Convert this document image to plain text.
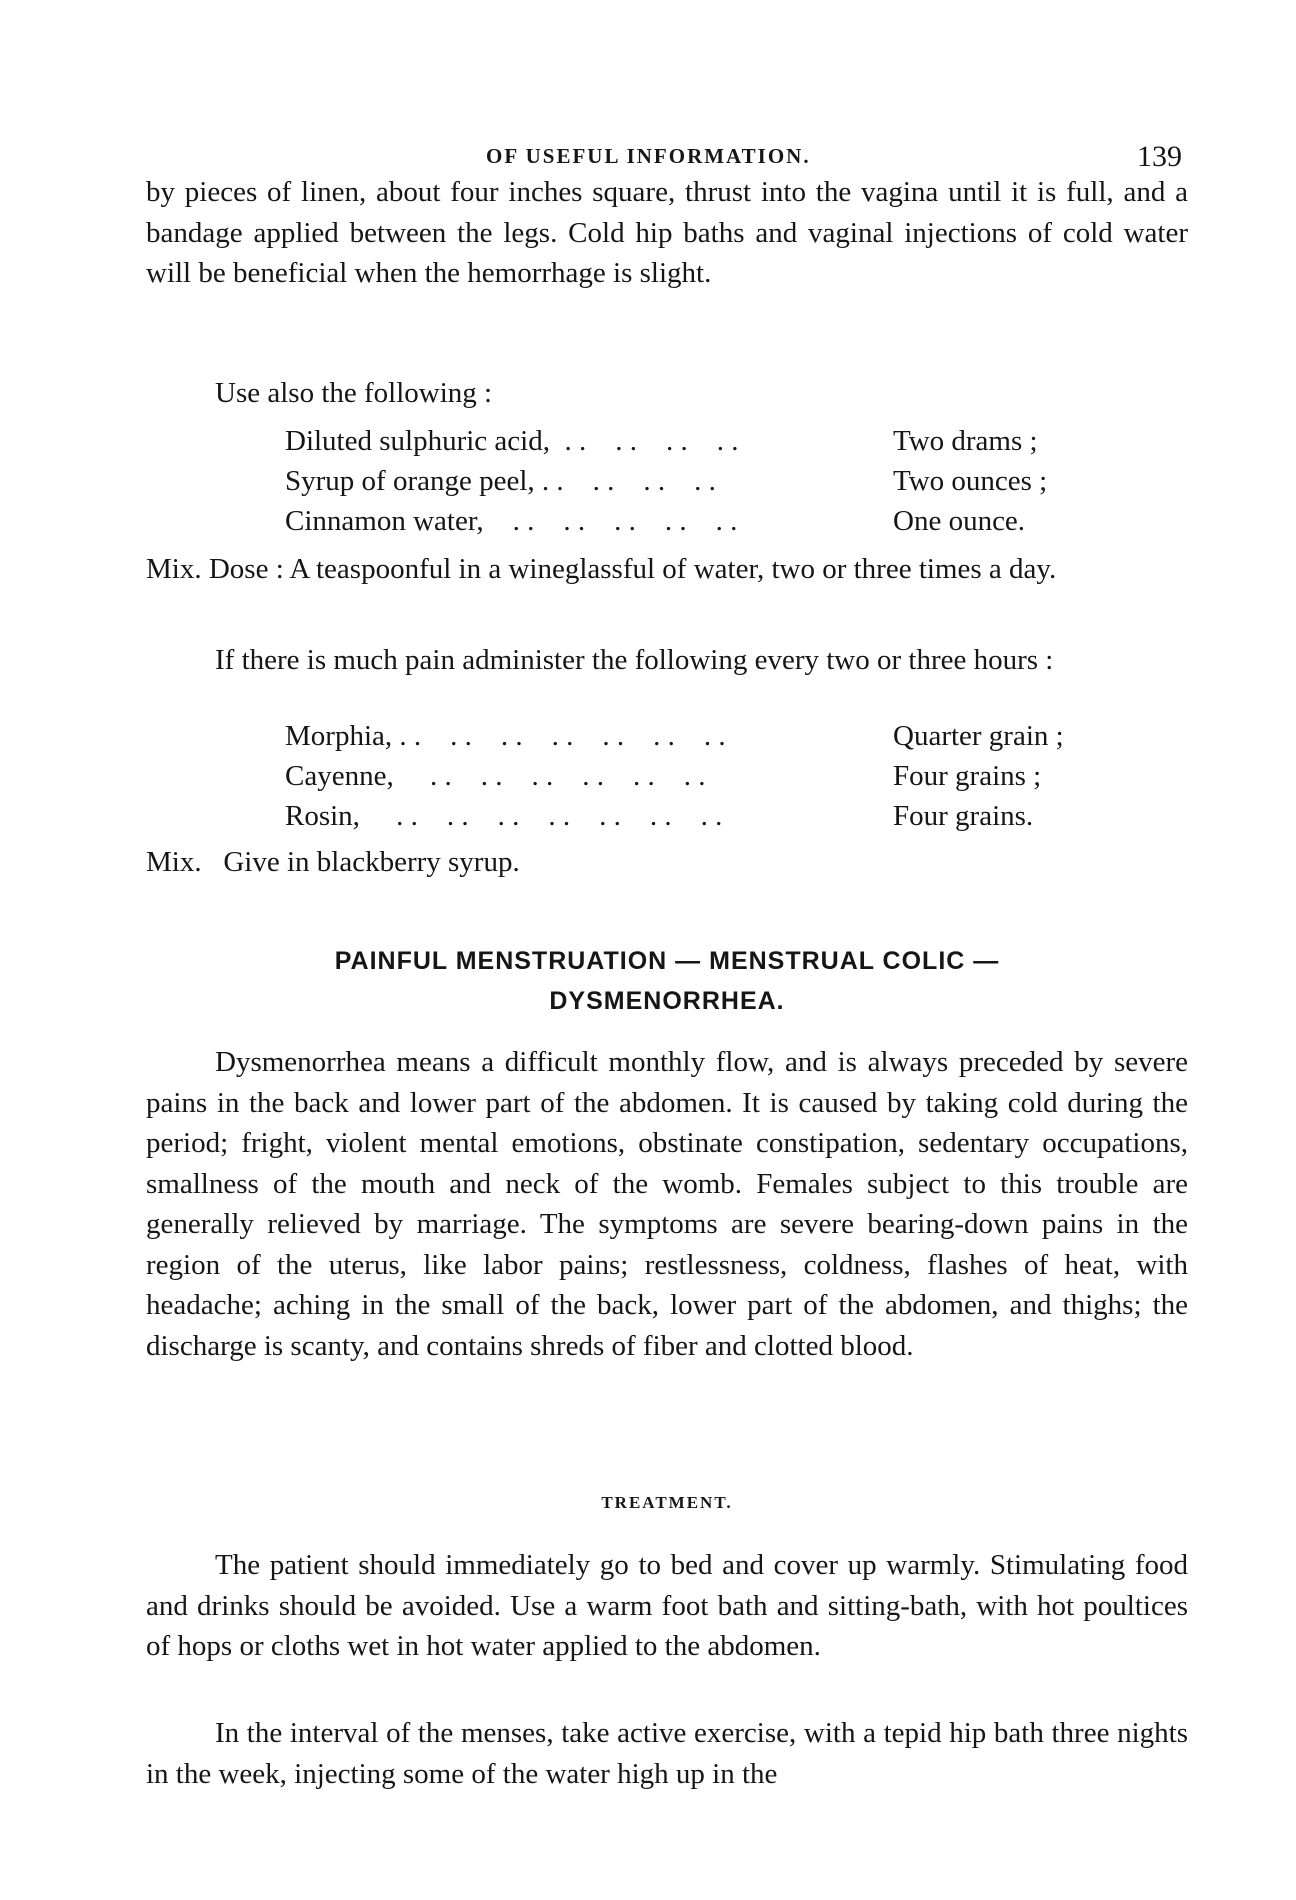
OF USEFUL INFORMATION.	139

by pieces of linen, about four inches square, thrust into the vagina until it is full, and a bandage applied between the legs. Cold hip baths and vaginal injections of cold water will be beneficial when the hemorrhage is slight.

Use also the following :

Diluted sulphuric acid,  . .    . .    . .    . .	Two drams ;
Syrup of orange peel, . .    . .    . .    . .	Two ounces ;
Cinnamon water,    . .    . .    . .    . .    . .	One ounce.

Mix. Dose : A teaspoonful in a wineglassful of water, two or three times a day.

If there is much pain administer the following every two or three hours :

Morphia, . .    . .    . .    . .    . .    . .    . .	Quarter grain ;
Cayenne,     . .    . .    . .    . .    . .    . .	Four grains ;
Rosin,     . .    . .    . .    . .    . .    . .    . .	Four grains.
Mix.   Give in blackberry syrup.

PAINFUL MENSTRUATION — MENSTRUAL COLIC —

DYSMENORRHEA.

Dysmenorrhea means a difficult monthly flow, and is always preceded by severe pains in the back and lower part of the abdomen. It is caused by taking cold during the period; fright, violent mental emotions, obstinate constipation, sedentary occupations, smallness of the mouth and neck of the womb. Females subject to this trouble are generally relieved by marriage. The symptoms are severe bearing-down pains in the region of the uterus, like labor pains; restlessness, coldness, flashes of heat, with headache; aching in the small of the back, lower part of the abdomen, and thighs; the discharge is scanty, and contains shreds of fiber and clotted blood.

TREATMENT.

The patient should immediately go to bed and cover up warmly. Stimulating food and drinks should be avoided. Use a warm foot bath and sitting-bath, with hot poultices of hops or cloths wet in hot water applied to the abdomen.

In the interval of the menses, take active exercise, with a tepid hip bath three nights in the week, injecting some of the water high up in the
